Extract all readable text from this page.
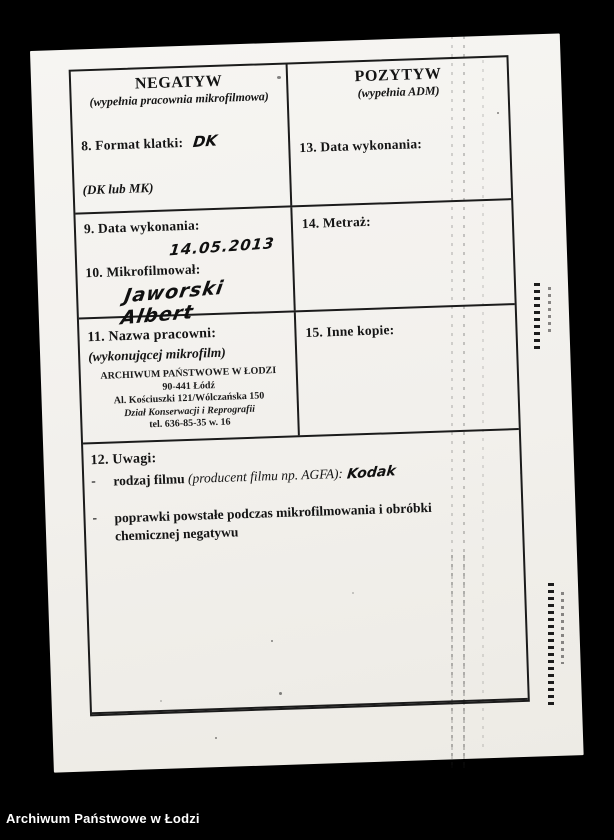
NEGATYW
(wypełnia pracownia mikrofilmowa)
8. Format klatki: DK
(DK lub MK)
POZYTYW
(wypełnia ADM)
13. Data wykonania:
9. Data wykonania:
14.05.2013
10. Mikrofilmował:
Jaworski Albert
14. Metraż:
11. Nazwa pracowni:
(wykonującej mikrofilm)
ARCHIWUM PAŃSTWOWE W ŁODZI
90-441 Łódź
Al. Kościuszki 121/Wólczańska 150
Dział Konserwacji i Reprografii
tel. 636-85-35 w. 16
15. Inne kopie:
12. Uwagi:
-	rodzaj filmu (producent filmu np. AGFA): Kodak
-	poprawki powstałe podczas mikrofilmowania i obróbki chemicznej negatywu
Archiwum Państwowe w Łodzi
